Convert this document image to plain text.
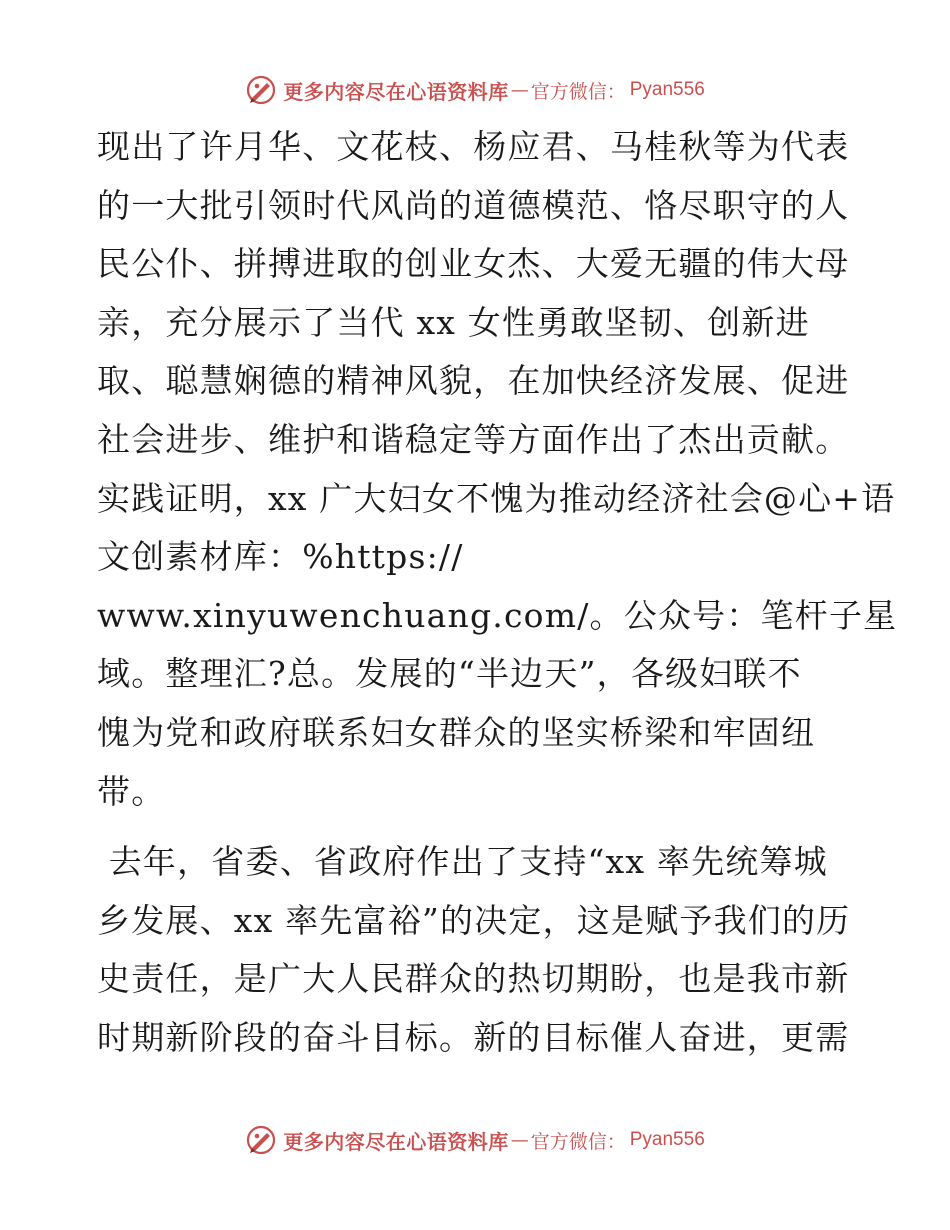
更多内容尽在心语资料库 — 官方微信： Pyan556
现出了许月华、文花枝、杨应君、马桂秋等为代表
的一大批引领时代风尚的道德模范、恪尽职守的人
民公仆、拼搏进取的创业女杰、大爱无疆的伟大母
亲，充分展示了当代 xx 女性勇敢坚韧、创新进
取、聪慧娴德的精神风貌，在加快经济发展、促进
社会进步、维护和谐稳定等方面作出了杰出贡献。
实践证明，xx 广大妇女不愧为推动经济社会@心+语
文创素材库：%https://
www.xinyuwenchuang.com/。公众号：笔杆子星
域。整理汇?总。发展的“半边天”，各级妇联不
愧为党和政府联系妇女群众的坚实桥梁和牢固纽
带。
去年，省委、省政府作出了支持“xx 率先统筹城
乡发展、xx 率先富裕”的决定，这是赋予我们的历
史责任，是广大人民群众的热切期盼，也是我市新
时期新阶段的奋斗目标。新的目标催人奋进，更需
更多内容尽在心语资料库 — 官方微信： Pyan556
